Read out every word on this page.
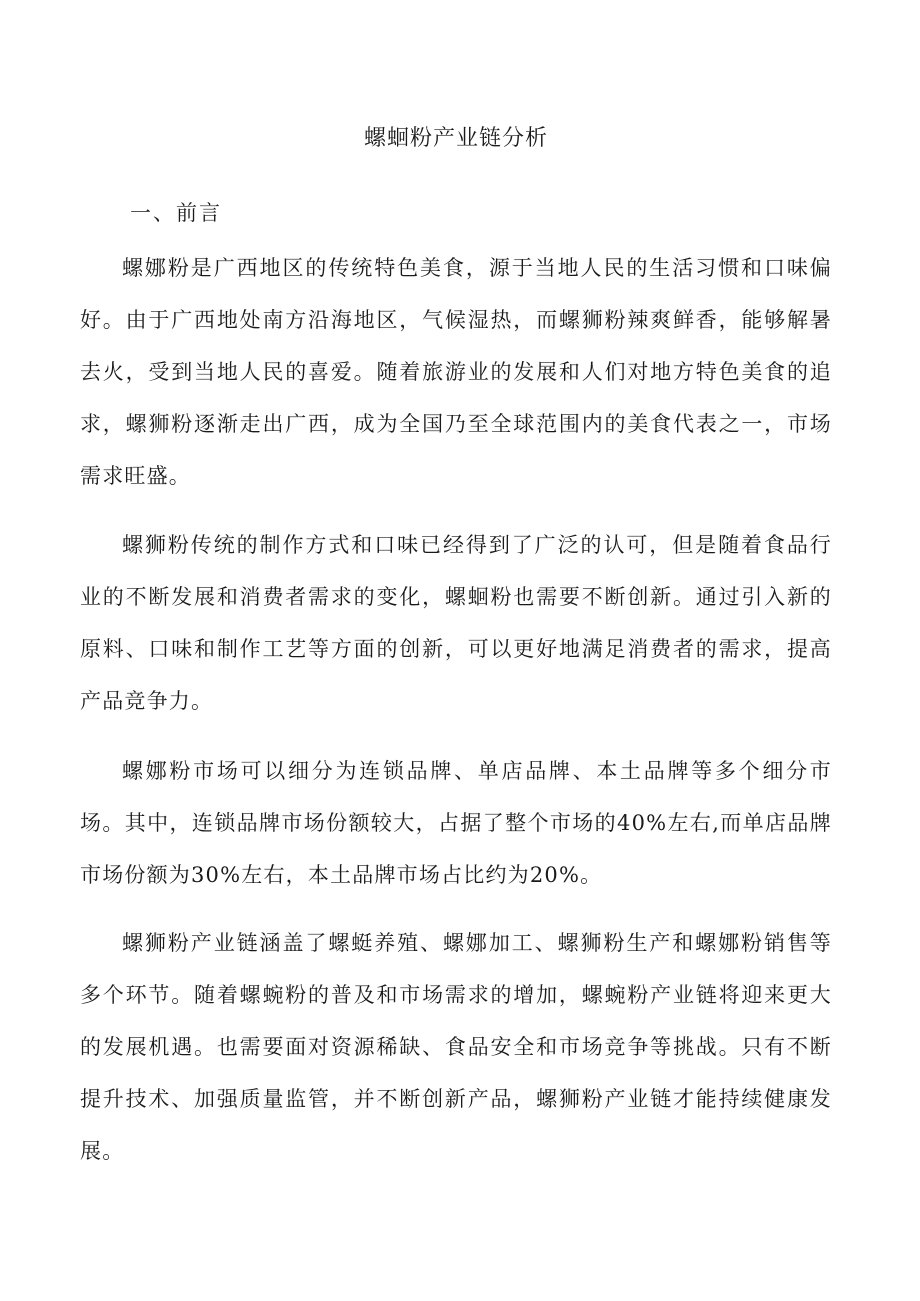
螺蛔粉产业链分析
一、前言

螺娜粉是广西地区的传统特色美食，源于当地人民的生活习惯和口味偏好。由于广西地处南方沿海地区，气候湿热，而螺狮粉辣爽鲜香，能够解暑去火，受到当地人民的喜爱。随着旅游业的发展和人们对地方特色美食的追求，螺狮粉逐渐走出广西，成为全国乃至全球范围内的美食代表之一，市场需求旺盛。

螺狮粉传统的制作方式和口味已经得到了广泛的认可，但是随着食品行业的不断发展和消费者需求的变化，螺蛔粉也需要不断创新。通过引入新的原料、口味和制作工艺等方面的创新，可以更好地满足消费者的需求，提高产品竞争力。

螺娜粉市场可以细分为连锁品牌、单店品牌、本土品牌等多个细分市场。其中，连锁品牌市场份额较大，占据了整个市场的40%左右,而单店品牌市场份额为30%左右，本土品牌市场占比约为20%。

螺狮粉产业链涵盖了螺蜓养殖、螺娜加工、螺狮粉生产和螺娜粉销售等多个环节。随着螺蜿粉的普及和市场需求的增加，螺蜿粉产业链将迎来更大的发展机遇。也需要面对资源稀缺、食品安全和市场竞争等挑战。只有不断提升技术、加强质量监管，并不断创新产品，螺狮粉产业链才能持续健康发展。
